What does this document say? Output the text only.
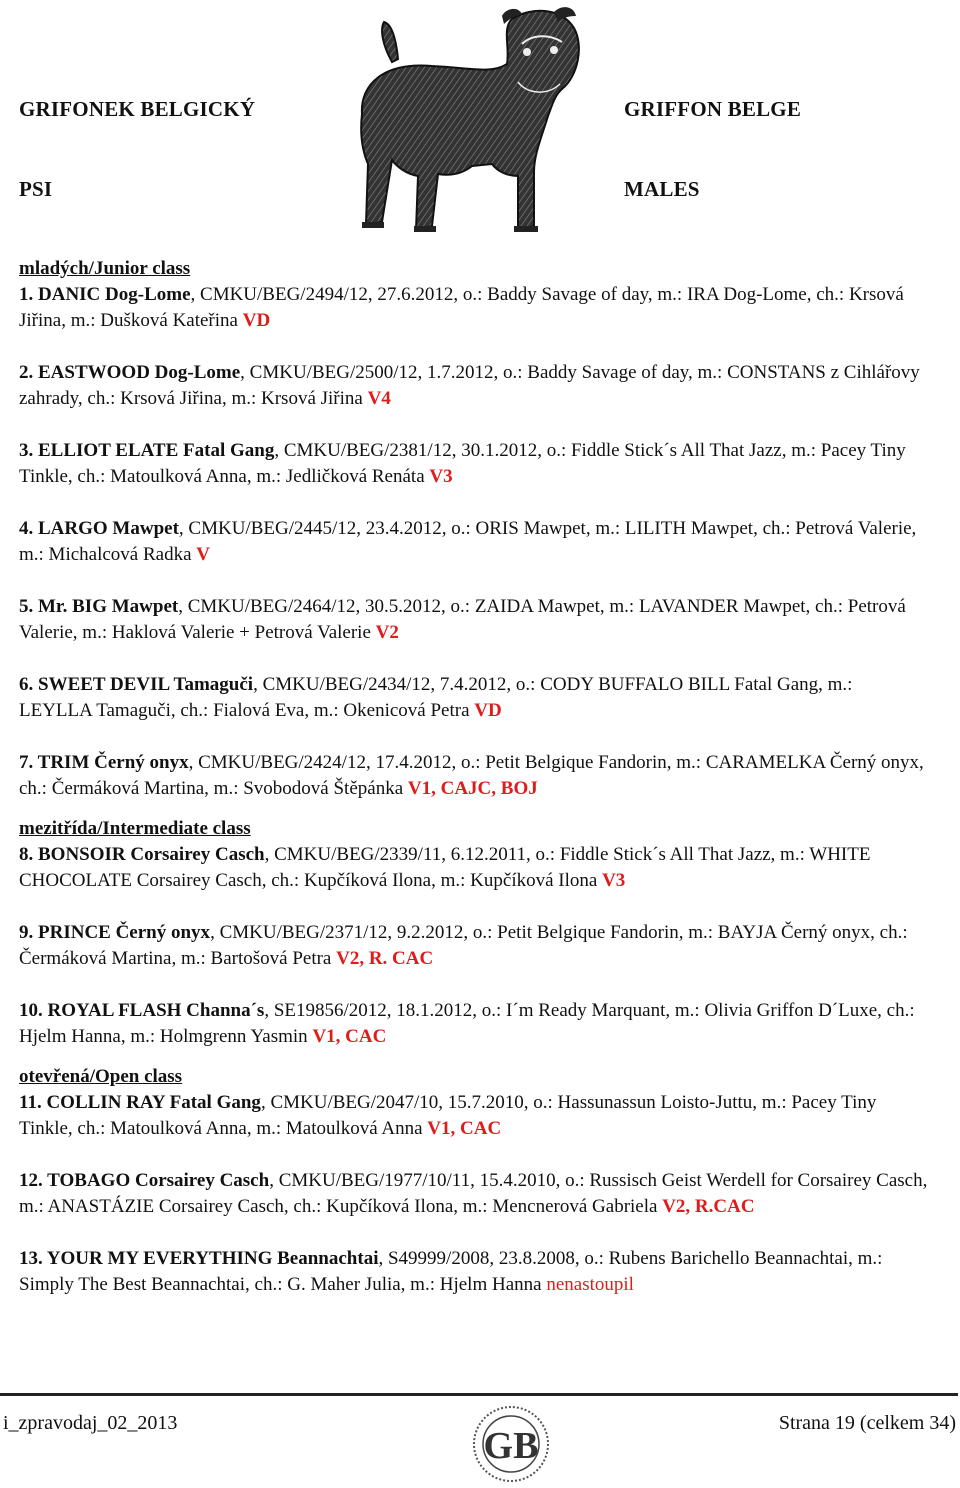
GRIFONEK BELGICKÝ	GRIFFON BELGE
PSI	MALES
mladých/Junior class
1. DANIC Dog-Lome, CMKU/BEG/2494/12, 27.6.2012, o.: Baddy Savage of day, m.: IRA Dog-Lome, ch.: Krsová Jiřina, m.: Dušková Kateřina VD
2. EASTWOOD Dog-Lome, CMKU/BEG/2500/12, 1.7.2012, o.: Baddy Savage of day, m.: CONSTANS z Cihlářovy zahrady, ch.: Krsová Jiřina, m.: Krsová Jiřina V4
3. ELLIOT ELATE Fatal Gang, CMKU/BEG/2381/12, 30.1.2012, o.: Fiddle Stick´s All That Jazz, m.: Pacey Tiny Tinkle, ch.: Matoulková Anna, m.: Jedličková Renáta V3
4. LARGO Mawpet, CMKU/BEG/2445/12, 23.4.2012, o.: ORIS Mawpet, m.: LILITH Mawpet, ch.: Petrová Valerie, m.: Michalcová Radka V
5. Mr. BIG Mawpet, CMKU/BEG/2464/12, 30.5.2012, o.: ZAIDA Mawpet, m.: LAVANDER Mawpet, ch.: Petrová Valerie, m.: Haklová Valerie + Petrová Valerie V2
6. SWEET DEVIL Tamaguči, CMKU/BEG/2434/12, 7.4.2012, o.: CODY BUFFALO BILL Fatal Gang, m.: LEYLLA Tamaguči, ch.: Fialová Eva, m.: Okenicová Petra VD
7. TRIM Černý onyx, CMKU/BEG/2424/12, 17.4.2012, o.: Petit Belgique Fandorin, m.: CARAMELKA Černý onyx, ch.: Čermáková Martina, m.: Svobodová Štěpánka V1, CAJC, BOJ
mezitřída/Intermediate class
8. BONSOIR Corsairey Casch, CMKU/BEG/2339/11, 6.12.2011, o.: Fiddle Stick´s All That Jazz, m.: WHITE CHOCOLATE Corsairey Casch, ch.: Kupčíková Ilona, m.: Kupčíková Ilona V3
9. PRINCE Černý onyx, CMKU/BEG/2371/12, 9.2.2012, o.: Petit Belgique Fandorin, m.: BAYJA Černý onyx, ch.: Čermáková Martina, m.: Bartošová Petra V2, R. CAC
10. ROYAL FLASH Channa´s, SE19856/2012, 18.1.2012, o.: I´m Ready Marquant, m.: Olivia Griffon D´Luxe, ch.: Hjelm Hanna, m.: Holmgrenn Yasmin V1, CAC
otevřená/Open class
11. COLLIN RAY Fatal Gang, CMKU/BEG/2047/10, 15.7.2010, o.: Hassunassun Loisto-Juttu, m.: Pacey Tiny Tinkle, ch.: Matoulková Anna, m.: Matoulková Anna V1, CAC
12. TOBAGO Corsairey Casch, CMKU/BEG/1977/10/11, 15.4.2010, o.: Russisch Geist Werdell for Corsairey Casch, m.: ANASTÁZIE Corsairey Casch, ch.: Kupčíková Ilona, m.: Mencnerová Gabriela V2, R.CAC
13. YOUR MY EVERYTHING Beannachtai, S49999/2008, 23.8.2008, o.: Rubens Barichello Beannachtai, m.: Simply The Best Beannachtai, ch.: G. Maher Julia, m.: Hjelm Hanna nenastoupil
i_zpravodaj_02_2013
GB
Strana 19 (celkem 34)
